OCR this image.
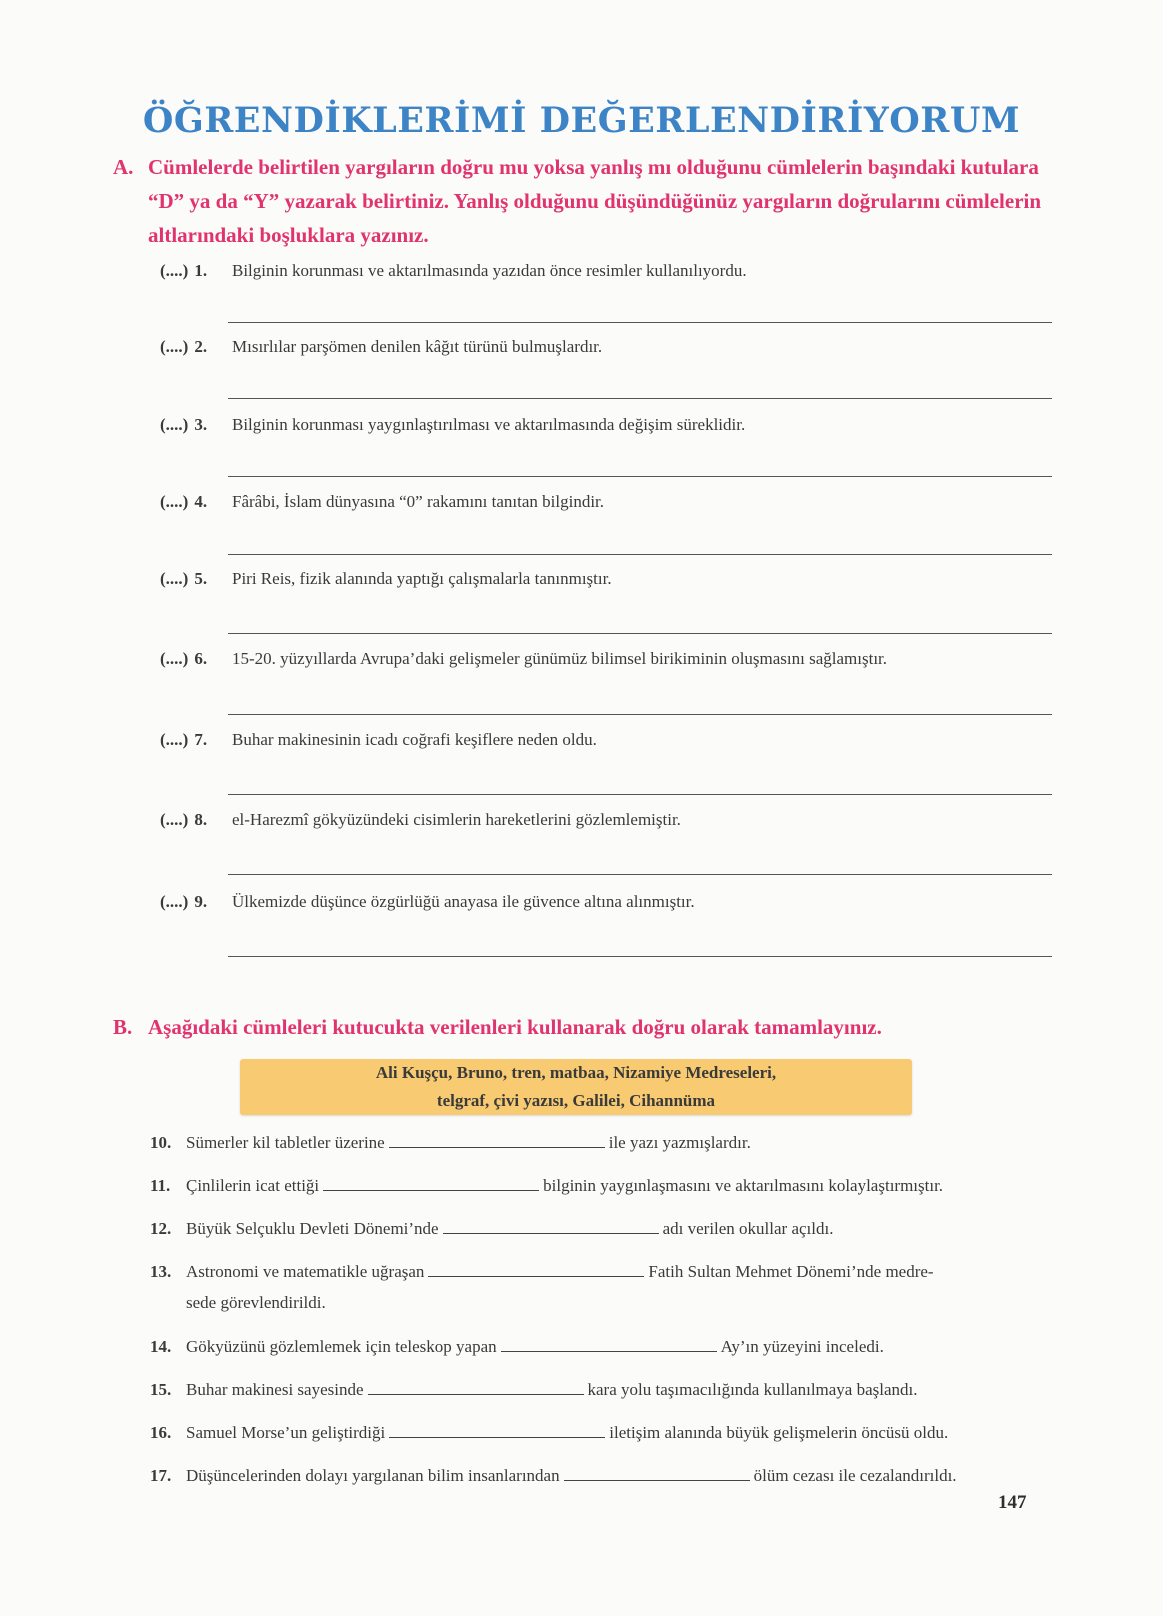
ÖĞRENDİKLERİMİ DEĞERLENDİRİYORUM
A. Cümlelerde belirtilen yargıların doğru mu yoksa yanlış mı olduğunu cümlelerin başındaki kutulara “D” ya da “Y” yazarak belirtiniz. Yanlış olduğunu düşündüğünüz yargıların doğrularını cümlelerin altlarındaki boşluklara yazınız.
(....) 1. Bilginin korunması ve aktarılmasında yazıdan önce resimler kullanılıyordu.
(....) 2. Mısırlılar parşömen denilen kâğıt türünü bulmuşlardır.
(....) 3. Bilginin korunması yaygınlaştırılması ve aktarılmasında değişim süreklidir.
(....) 4. Fârâbi, İslam dünyasına “0” rakamını tanıtan bilgindir.
(....) 5. Piri Reis, fizik alanında yaptığı çalışmalarla tanınmıştır.
(....) 6. 15-20. yüzyıllarda Avrupa’daki gelişmeler günümüz bilimsel birikiminin oluşmasını sağlamıştır.
(....) 7. Buhar makinesinin icadı coğrafi keşiflere neden oldu.
(....) 8. el-Harezmî gökyüzündeki cisimlerin hareketlerini gözlemlemiştir.
(....) 9. Ülkemizde düşünce özgürlüğü anayasa ile güvence altına alınmıştır.
B. Aşağıdaki cümleleri kutucukta verilenleri kullanarak doğru olarak tamamlayınız.
Ali Kuşçu, Bruno, tren, matbaa, Nizamiye Medreseleri,
telgraf, çivi yazısı, Galilei, Cihannüma
10. Sümerler kil tabletler üzerine	ile yazı yazmışlardır.
11. Çinlilerin icat ettiği	bilginin yaygınlaşmasını ve aktarılmasını kolaylaştırmıştır.
12. Büyük Selçuklu Devleti Dönemi’nde	adı verilen okullar açıldı.
13. Astronomi ve matematikle uğraşan	Fatih Sultan Mehmet Dönemi’nde medre-
sede görevlendirildi.
14. Gökyüzünü gözlemlemek için teleskop yapan	Ay’ın yüzeyini inceledi.
15. Buhar makinesi sayesinde	kara yolu taşımacılığında kullanılmaya başlandı.
16. Samuel Morse’un geliştirdiği	iletişim alanında büyük gelişmelerin öncüsü oldu.
17. Düşüncelerinden dolayı yargılanan bilim insanlarından	ölüm cezası ile cezalandırıldı.
147
